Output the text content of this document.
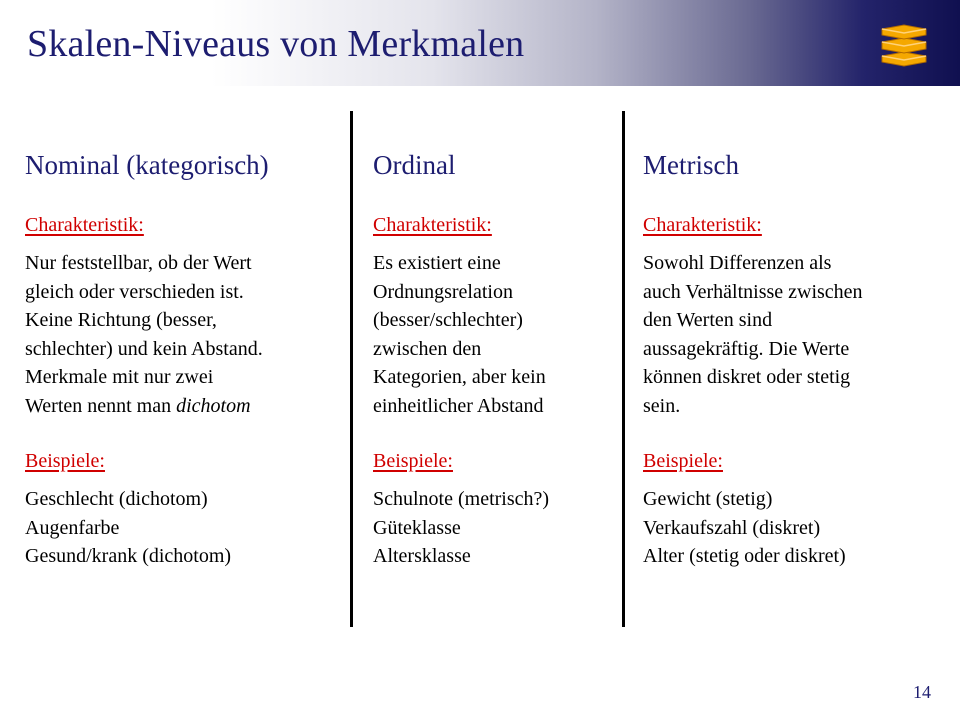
Skalen-Niveaus von Merkmalen
Nominal (kategorisch)
Charakteristik:
Nur feststellbar, ob der Wert
gleich oder verschieden ist.
Keine Richtung (besser,
schlechter) und kein Abstand.
Merkmale mit nur zwei
Werten nennt man dichotom
Beispiele:
Geschlecht (dichotom)
Augenfarbe
Gesund/krank (dichotom)
Ordinal
Charakteristik:
Es existiert eine
Ordnungsrelation
(besser/schlechter)
zwischen den
Kategorien, aber kein
einheitlicher Abstand
Beispiele:
Schulnote (metrisch?)
Güteklasse
Altersklasse
Metrisch
Charakteristik:
Sowohl Differenzen als
auch Verhältnisse zwischen
den Werten sind
aussagekräftig. Die Werte
können diskret oder stetig
sein.
Beispiele:
Gewicht (stetig)
Verkaufszahl (diskret)
Alter (stetig oder diskret)
14
